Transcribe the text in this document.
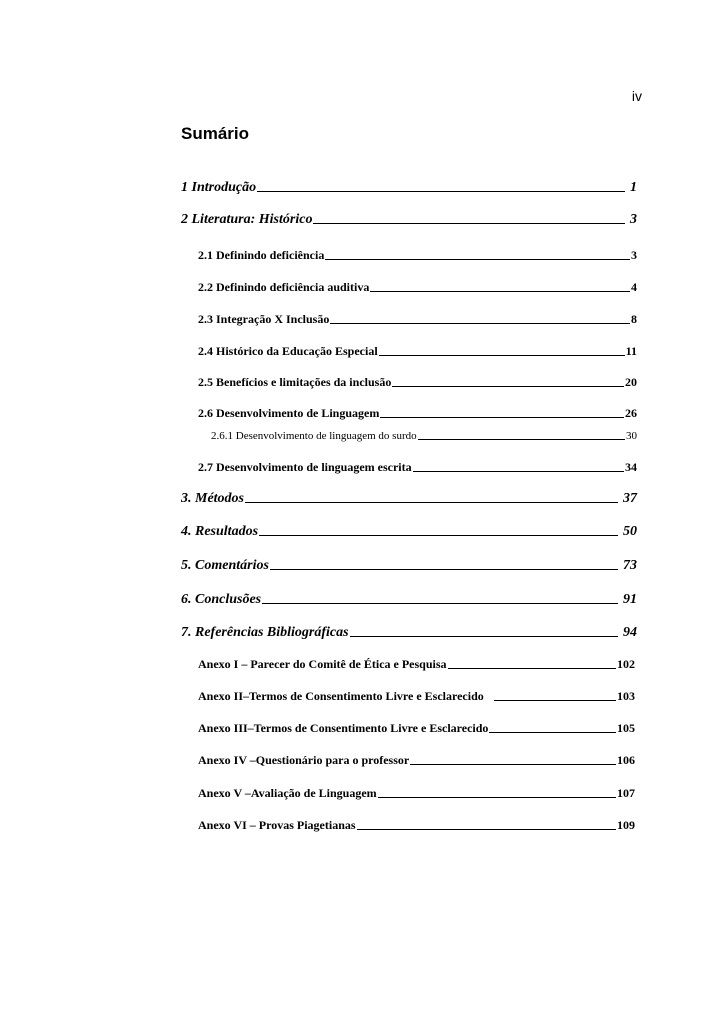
iv
Sumário
1 Introdução	1
2 Literatura: Histórico	3
2.1 Definindo deficiência	3
2.2 Definindo deficiência auditiva	4
2.3 Integração X Inclusão	8
2.4 Histórico da Educação Especial	11
2.5 Benefícios e limitações da inclusão	20
2.6 Desenvolvimento de Linguagem	26
2.6.1 Desenvolvimento de linguagem do surdo	30
2.7 Desenvolvimento de linguagem escrita	34
3. Métodos	37
4. Resultados	50
5. Comentários	73
6. Conclusões	91
7. Referências Bibliográficas	94
Anexo I – Parecer do Comitê de Ética e Pesquisa	102
Anexo II–Termos de Consentimento Livre e Esclarecido	103
Anexo III–Termos de Consentimento Livre e Esclarecido	105
Anexo IV –Questionário para o professor	106
Anexo V –Avaliação de Linguagem	107
Anexo VI – Provas Piagetianas	109
